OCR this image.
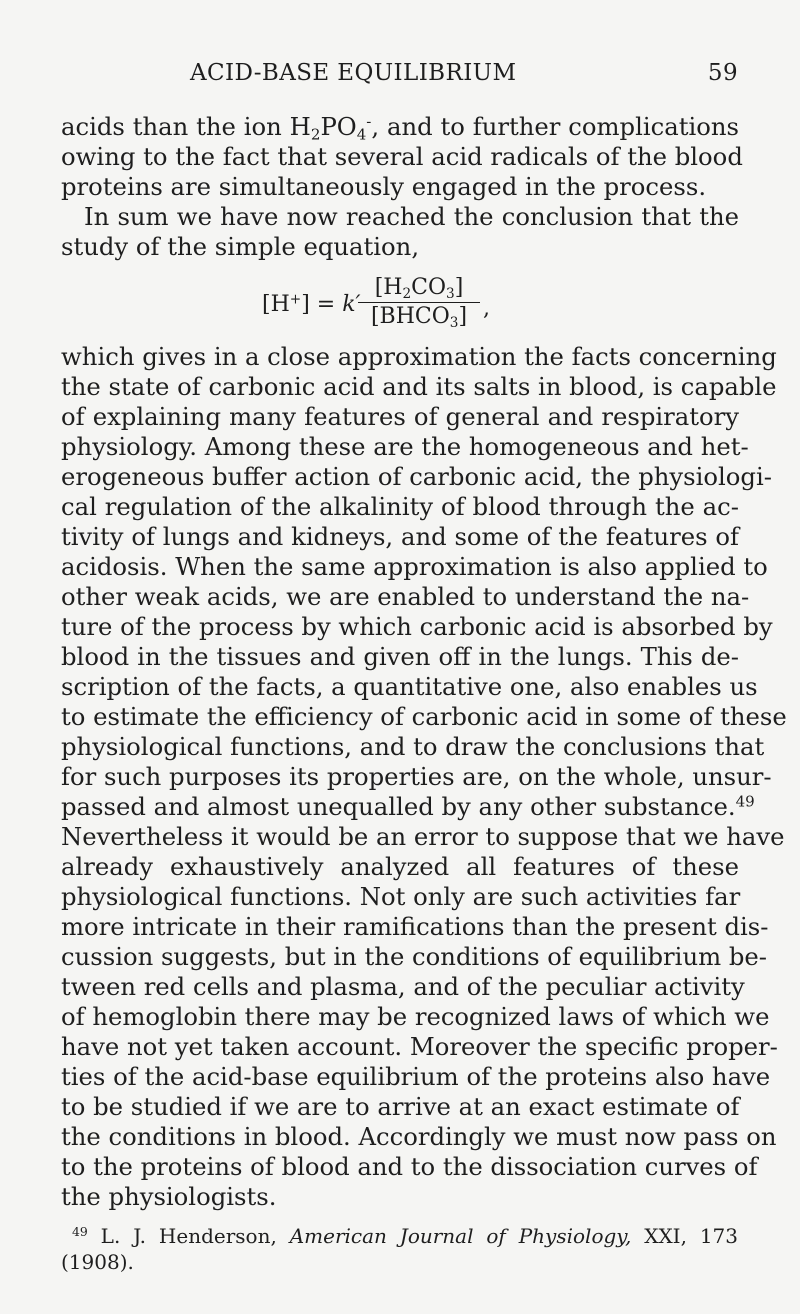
ACID-BASE EQUILIBRIUM	59
acids than the ion $H_2PO_4^-$, and to further complications
owing to the fact that several acid radicals of the blood
proteins are simultaneously engaged in the process.
In sum we have now reached the conclusion that the
study of the simple equation,
[H+] = k′
$[H_2CO_3]$
$[BHCO_3]$ ,
which gives in a close approximation the facts concerning
the state of carbonic acid and its salts in blood, is capable
of explaining many features of general and respiratory
physiology. Among these are the homogeneous and het-
erogeneous buffer action of carbonic acid, the physiologi-
cal regulation of the alkalinity of blood through the ac-
tivity of lungs and kidneys, and some of the features of
acidosis. When the same approximation is also applied to
other weak acids, we are enabled to understand the na-
ture of the process by which carbonic acid is absorbed by
blood in the tissues and given off in the lungs. This de-
scription of the facts, a quantitative one, also enables us
to estimate the efficiency of carbonic acid in some of these
physiological functions, and to draw the conclusions that
for such purposes its properties are, on the whole, unsur-
passed and almost unequalled by any other substance.$^{49}$
Nevertheless it would be an error to suppose that we have
already exhaustively analyzed all features of these
physiological functions. Not only are such activities far
more intricate in their ramifications than the present dis-
cussion suggests, but in the conditions of equilibrium be-
tween red cells and plasma, and of the peculiar activity
of hemoglobin there may be recognized laws of which we
have not yet taken account. Moreover the specific proper-
ties of the acid-base equilibrium of the proteins also have
to be studied if we are to arrive at an exact estimate of
the conditions in blood. Accordingly we must now pass on
to the proteins of blood and to the dissociation curves of
the physiologists.
$^{49}$ L. J. Henderson, American Journal of Physiology, XXI, 173
(1908).
